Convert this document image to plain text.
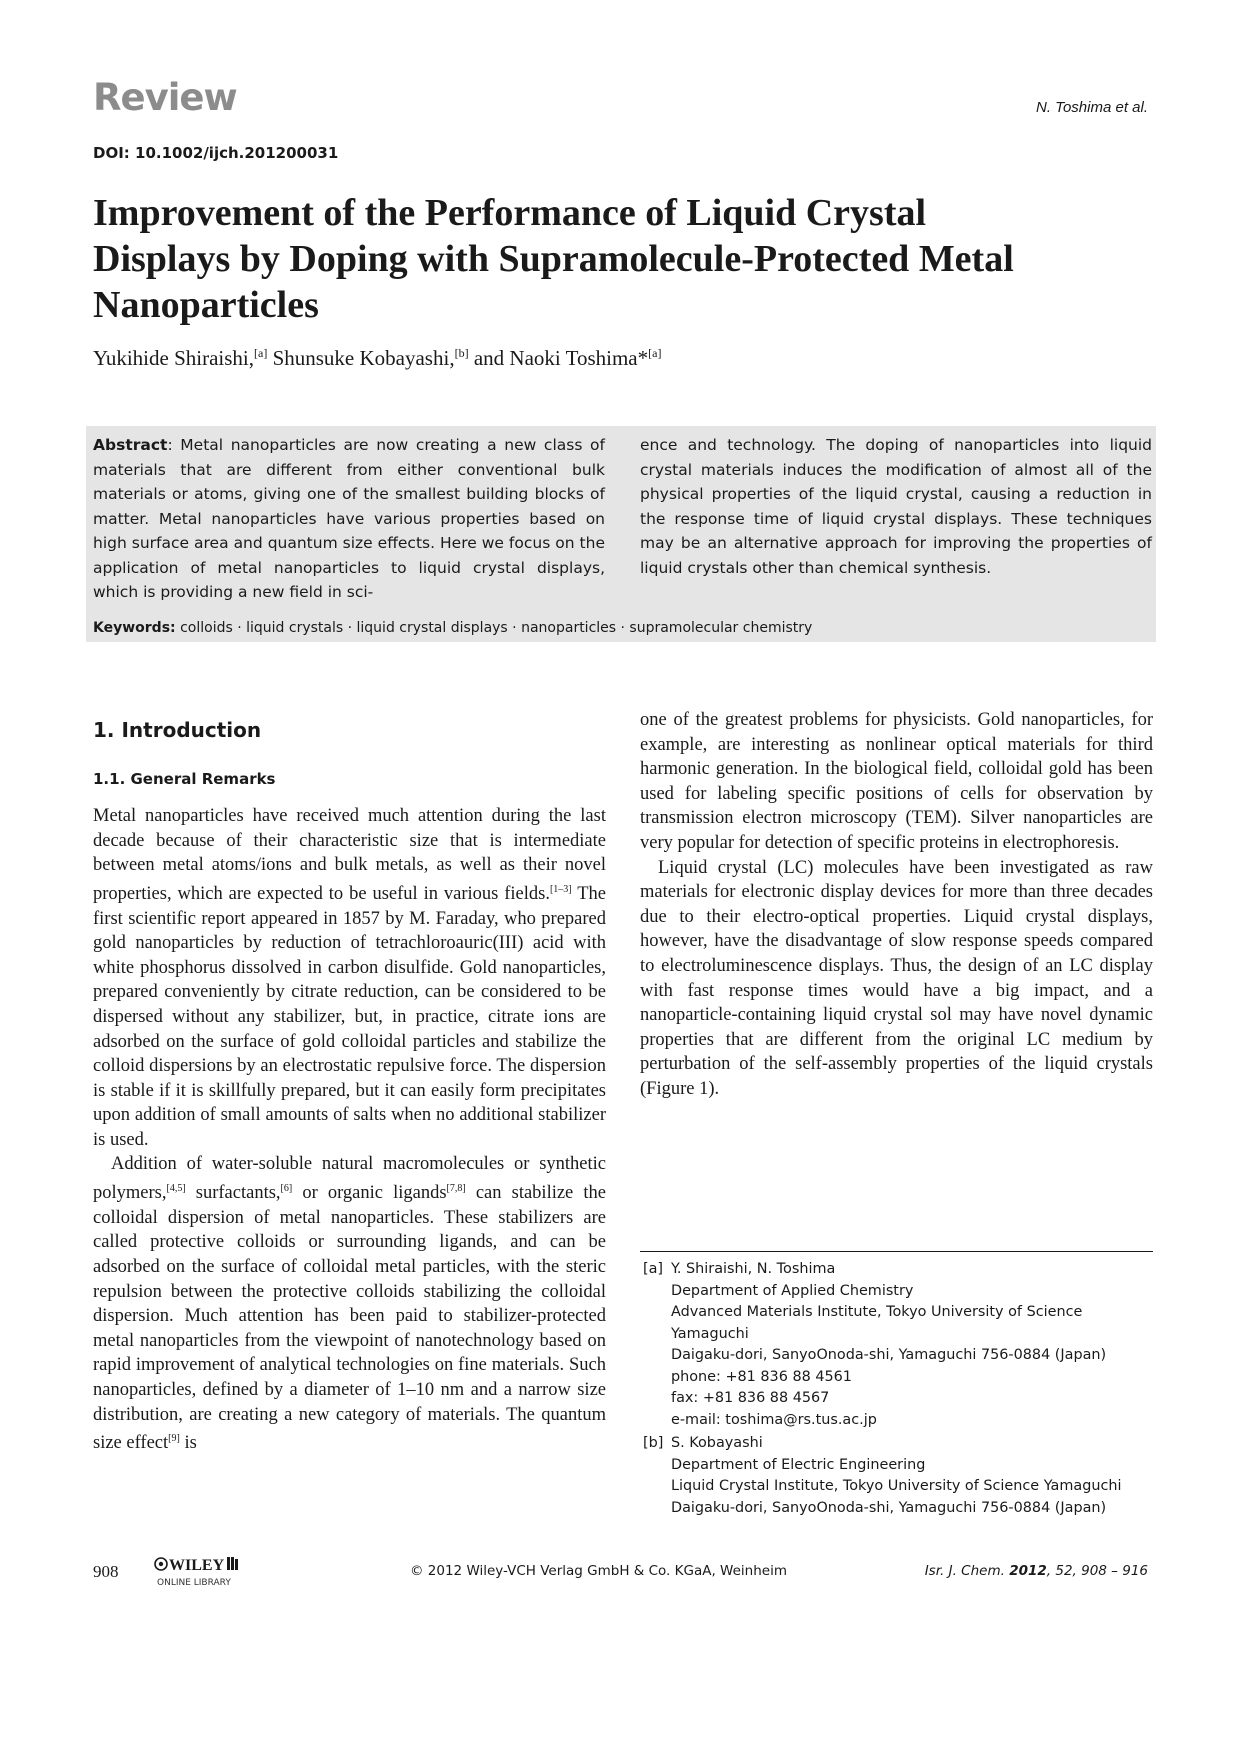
Review	N. Toshima et al.
DOI: 10.1002/ijch.201200031
Improvement of the Performance of Liquid Crystal
Displays by Doping with Supramolecule-Protected Metal
Nanoparticles
Yukihide Shiraishi,[a] Shunsuke Kobayashi,[b] and Naoki Toshima*[a]
Abstract: Metal nanoparticles are now creating a new class of materials that are different from either conventional bulk materials or atoms, giving one of the smallest building blocks of matter. Metal nanoparticles have various properties based on high surface area and quantum size effects. Here we focus on the application of metal nanoparticles to liquid crystal displays, which is providing a new field in sci-
ence and technology. The doping of nanoparticles into liquid crystal materials induces the modification of almost all of the physical properties of the liquid crystal, causing a reduction in the response time of liquid crystal displays. These techniques may be an alternative approach for improving the properties of liquid crystals other than chemical synthesis.
Keywords: colloids · liquid crystals · liquid crystal displays · nanoparticles · supramolecular chemistry
1. Introduction
1.1. General Remarks

Metal nanoparticles have received much attention during the last decade because of their characteristic size that is intermediate between metal atoms/ions and bulk metals, as well as their novel properties, which are expected to be useful in various fields.[1–3] The first scientific report appeared in 1857 by M. Faraday, who prepared gold nanoparticles by reduction of tetrachloroauric(III) acid with white phosphorus dissolved in carbon disulfide. Gold nanoparticles, prepared conveniently by citrate reduction, can be considered to be dispersed without any stabilizer, but, in practice, citrate ions are adsorbed on the surface of gold colloidal particles and stabilize the colloid dispersions by an electrostatic repulsive force. The dispersion is stable if it is skillfully prepared, but it can easily form precipitates upon addition of small amounts of salts when no additional stabilizer is used.

Addition of water-soluble natural macromolecules or synthetic polymers,[4,5] surfactants,[6] or organic ligands[7,8] can stabilize the colloidal dispersion of metal nanoparticles. These stabilizers are called protective colloids or surrounding ligands, and can be adsorbed on the surface of colloidal metal particles, with the steric repulsion between the protective colloids stabilizing the colloidal dispersion. Much attention has been paid to stabilizer-protected metal nanoparticles from the viewpoint of nanotechnology based on rapid improvement of analytical technologies on fine materials. Such nanoparticles, defined by a diameter of 1–10 nm and a narrow size distribution, are creating a new category of materials. The quantum size effect[9] is

one of the greatest problems for physicists. Gold nanoparticles, for example, are interesting as nonlinear optical materials for third harmonic generation. In the biological field, colloidal gold has been used for labeling specific positions of cells for observation by transmission electron microscopy (TEM). Silver nanoparticles are very popular for detection of specific proteins in electrophoresis.

Liquid crystal (LC) molecules have been investigated as raw materials for electronic display devices for more than three decades due to their electro-optical properties. Liquid crystal displays, however, have the disadvantage of slow response speeds compared to electroluminescence displays. Thus, the design of an LC display with fast response times would have a big impact, and a nanoparticle-containing liquid crystal sol may have novel dynamic properties that are different from the original LC medium by perturbation of the self-assembly properties of the liquid crystals (Figure 1).

[a] Y. Shiraishi, N. Toshima
Department of Applied Chemistry
Advanced Materials Institute, Tokyo University of Science Yamaguchi
Daigaku-dori, SanyoOnoda-shi, Yamaguchi 756-0884 (Japan)
phone: +81 836 88 4561
fax: +81 836 88 4567
e-mail: toshima@rs.tus.ac.jp
[b] S. Kobayashi
Department of Electric Engineering
Liquid Crystal Institute, Tokyo University of Science Yamaguchi
Daigaku-dori, SanyoOnoda-shi, Yamaguchi 756-0884 (Japan)
908	WILEY
ONLINE LIBRARY
© 2012 Wiley-VCH Verlag GmbH & Co. KGaA, Weinheim	Isr. J. Chem. 2012, 52, 908 – 916
